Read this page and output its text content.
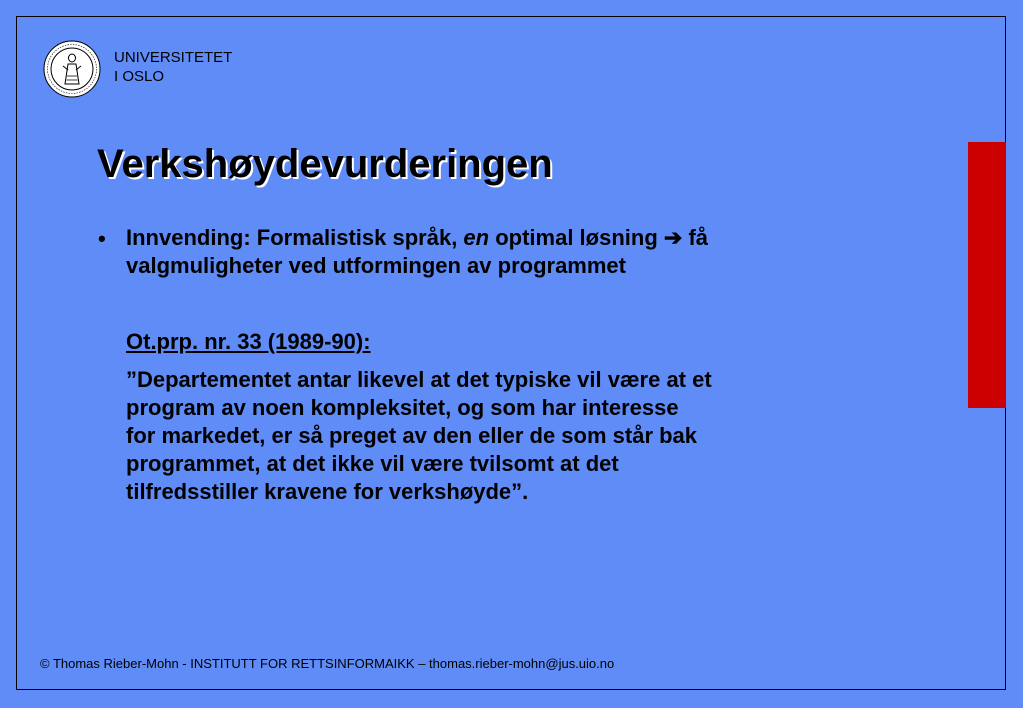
UNIVERSITETET
I OSLO
Verkshøydevurderingen
• Innvending: Formalistisk språk, en optimal løsning ➔ få
valgmuligheter ved utformingen av programmet
Ot.prp. nr. 33 (1989-90):
”Departementet antar likevel at det typiske vil være at et
program av noen kompleksitet, og som har interesse
for markedet, er så preget av den eller de som står bak
programmet, at det ikke vil være tvilsomt at det
tilfredsstiller kravene for verkshøyde”.
© Thomas Rieber-Mohn - INSTITUTT FOR RETTSINFORMAIKK – thomas.rieber-mohn@jus.uio.no
